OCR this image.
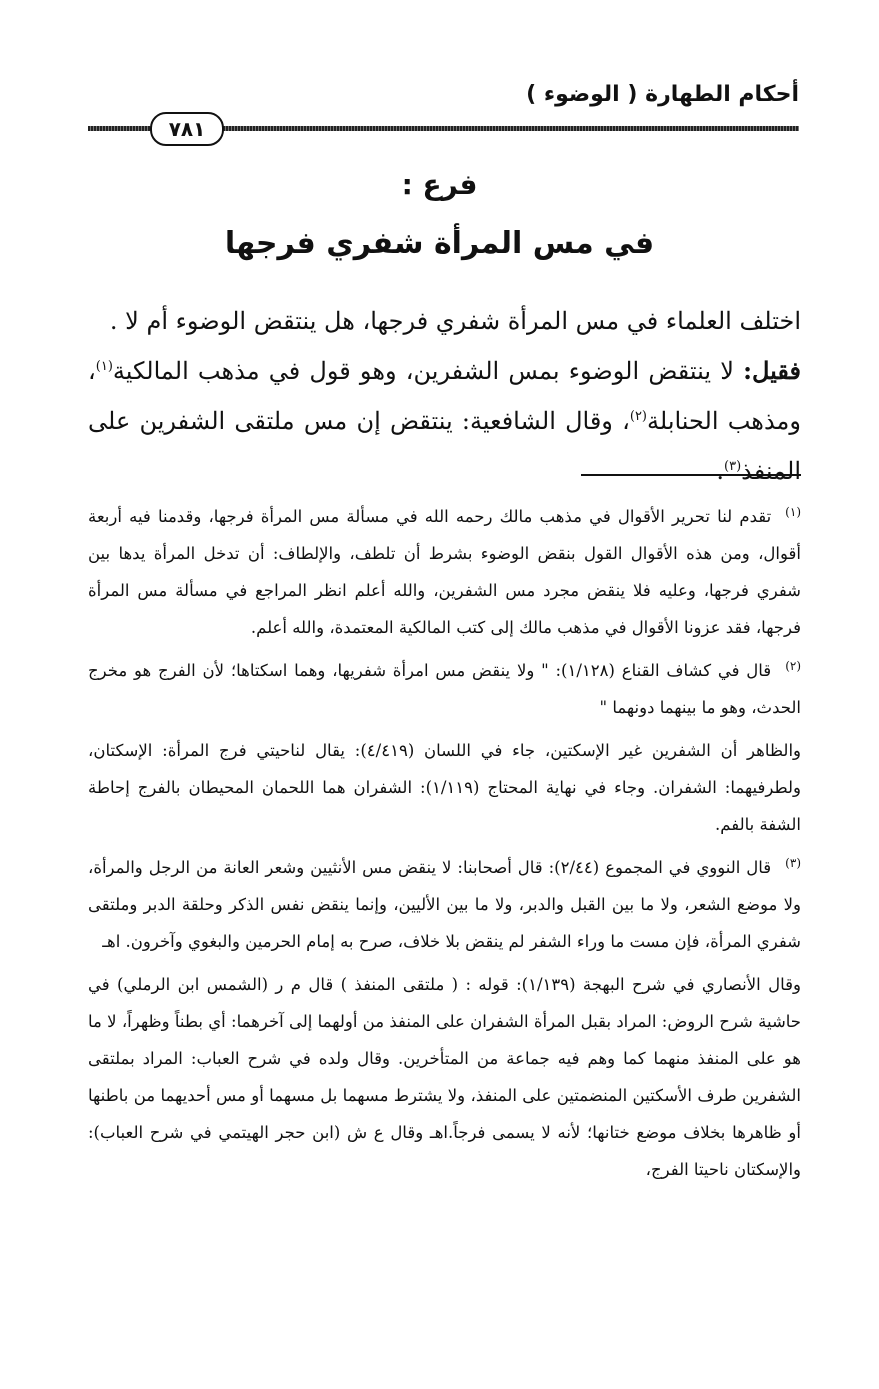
أحكام الطهارة ( الوضوء )
٧٨١
فرع :
في مس المرأة شفري فرجها

اختلف العلماء في مس المرأة شفري فرجها، هل ينتقض الوضوء أم لا .

فقيل: لا ينتقض الوضوء بمس الشفرين، وهو قول في مذهب المالكية$^{(١)}$، ومذهب الحنابلة$^{(٢)}$، وقال الشافعية: ينتقض إن مس ملتقى الشفرين على المنفذ$^{(٣)}$.

$^{(١)}$تقدم لنا تحرير الأقوال في مذهب مالك رحمه الله في مسألة مس المرأة فرجها، وقدمنا فيه أربعة أقوال، ومن هذه الأقوال القول بنقض الوضوء بشرط أن تلطف، والإلطاف: أن تدخل المرأة يدها بين شفري فرجها، وعليه فلا ينقض مجرد مس الشفرين، والله أعلم انظر المراجع في مسألة مس المرأة فرجها، فقد عزونا الأقوال في مذهب مالك إلى كتب المالكية المعتمدة، والله أعلم.

$^{(٢)}$قال في كشاف القناع (١/١٢٨): " ولا ينقض مس امرأة شفريها، وهما اسكتاها؛ لأن الفرج هو مخرج الحدث، وهو ما بينهما دونهما "

والظاهر أن الشفرين غير الإسكتين، جاء في اللسان (٤/٤١٩): يقال لناحيتي فرج المرأة: الإسكتان، ولطرفيهما: الشفران. وجاء في نهاية المحتاج (١/١١٩): الشفران هما اللحمان المحيطان بالفرج إحاطة الشفة بالفم.

$^{(٣)}$قال النووي في المجموع (٢/٤٤): قال أصحابنا: لا ينقض مس الأنثيين وشعر العانة من الرجل والمرأة، ولا موضع الشعر، ولا ما بين القبل والدبر، ولا ما بين الأليين، وإنما ينقض نفس الذكر وحلقة الدبر وملتقى شفري المرأة، فإن مست ما وراء الشفر لم ينقض بلا خلاف، صرح به إمام الحرمين والبغوي وآخرون. اهـ

وقال الأنصاري في شرح البهجة (١/١٣٩): قوله : ( ملتقى المنفذ ) قال م ر (الشمس ابن الرملي) في حاشية شرح الروض: المراد بقبل المرأة الشفران على المنفذ من أولهما إلى آخرهما: أي بطناً وظهراً، لا ما هو على المنفذ منهما كما وهم فيه جماعة من المتأخرين. وقال ولده في شرح العباب: المراد بملتقى الشفرين طرف الأسكتين المنضمتين على المنفذ، ولا يشترط مسهما بل مسهما أو مس أحديهما من باطنها أو ظاهرها بخلاف موضع ختانها؛ لأنه لا يسمى فرجاً.اهـ وقال ع ش (ابن حجر الهيتمي في شرح العباب): والإسكتان ناحيتا الفرج،
